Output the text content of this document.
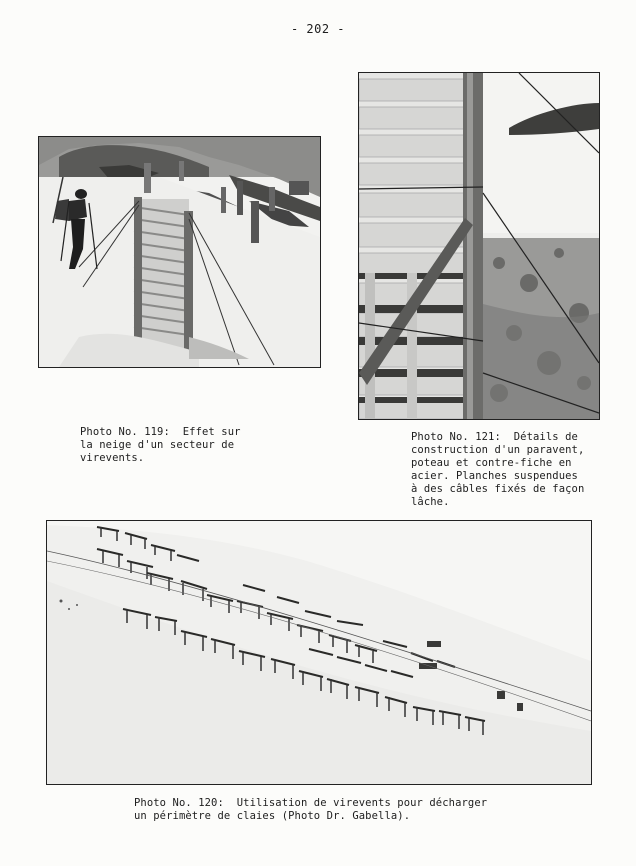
- 202 -
Photo No. 119:  Effet sur
la neige d'un secteur de
virevents.
Photo No. 121:  Détails de
construction d'un paravent,
poteau et contre-fiche en
acier. Planches suspendues
à des câbles fixés de façon
lâche.
Photo No. 120:  Utilisation de virevents pour décharger
un périmètre de claies (Photo Dr. Gabella).
